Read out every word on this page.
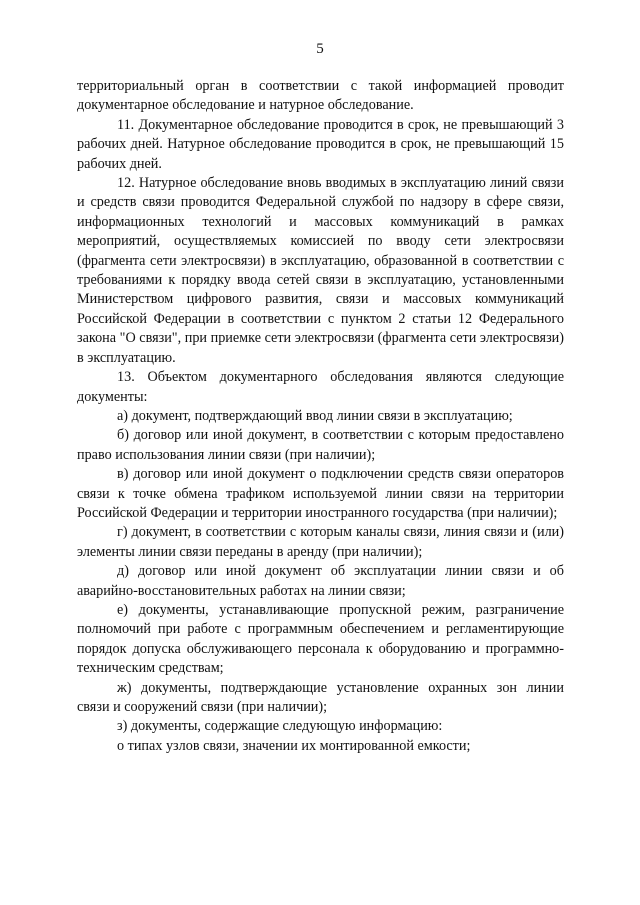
5

территориальный орган в соответствии с такой информацией проводит документарное обследование и натурное обследование.

11. Документарное обследование проводится в срок, не превышающий 3 рабочих дней. Натурное обследование проводится в срок, не превышающий 15 рабочих дней.

12. Натурное обследование вновь вводимых в эксплуатацию линий связи и средств связи проводится Федеральной службой по надзору в сфере связи, информационных технологий и массовых коммуникаций в рамках мероприятий, осуществляемых комиссией по вводу сети электросвязи (фрагмента сети электросвязи) в эксплуатацию, образованной в соответствии с требованиями к порядку ввода сетей связи в эксплуатацию, установленными Министерством цифрового развития, связи и массовых коммуникаций Российской Федерации в соответствии с пунктом 2 статьи 12 Федерального закона "О связи", при приемке сети электросвязи (фрагмента сети электросвязи) в эксплуатацию.

13. Объектом документарного обследования являются следующие документы:

а) документ, подтверждающий ввод линии связи в эксплуатацию;

б) договор или иной документ, в соответствии с которым предоставлено право использования линии связи (при наличии);

в) договор или иной документ о подключении средств связи операторов связи к точке обмена трафиком используемой линии связи на территории Российской Федерации и территории иностранного государства (при наличии);

г) документ, в соответствии с которым каналы связи, линия связи и (или) элементы линии связи переданы в аренду (при наличии);

д) договор или иной документ об эксплуатации линии связи и об аварийно-восстановительных работах на линии связи;

е) документы, устанавливающие пропускной режим, разграничение полномочий при работе с программным обеспечением и регламентирующие порядок допуска обслуживающего персонала к оборудованию и программно-техническим средствам;

ж) документы, подтверждающие установление охранных зон линии связи и сооружений связи (при наличии);

з) документы, содержащие следующую информацию:

о типах узлов связи, значении их монтированной емкости;
